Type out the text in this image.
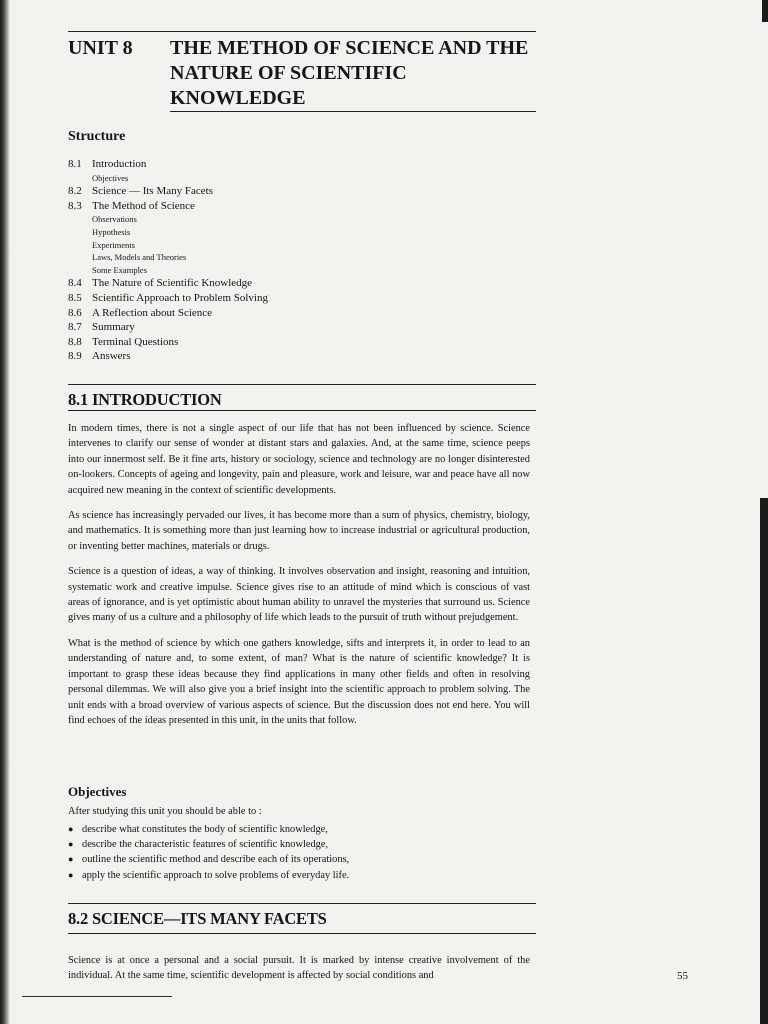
UNIT 8	THE METHOD OF SCIENCE AND THE NATURE OF SCIENTIFIC KNOWLEDGE
Structure
8.1 Introduction
Objectives
8.2 Science — Its Many Facets
8.3 The Method of Science
Observations
Hypothesis
Experiments
Laws, Models and Theories
Some Examples
8.4 The Nature of Scientific Knowledge
8.5 Scientific Approach to Problem Solving
8.6 A Reflection about Science
8.7 Summary
8.8 Terminal Questions
8.9 Answers
8.1 INTRODUCTION

In modern times, there is not a single aspect of our life that has not been influenced by science. Science intervenes to clarify our sense of wonder at distant stars and galaxies. And, at the same time, science peeps into our innermost self. Be it fine arts, history or sociology, science and technology are no longer disinterested on-lookers. Concepts of ageing and longevity, pain and pleasure, work and leisure, war and peace have all now acquired new meaning in the context of scientific developments.

As science has increasingly pervaded our lives, it has become more than a sum of physics, chemistry, biology, and mathematics. It is something more than just learning how to increase industrial or agricultural production, or inventing better machines, materials or drugs.

Science is a question of ideas, a way of thinking. It involves observation and insight, reasoning and intuition, systematic work and creative impulse. Science gives rise to an attitude of mind which is conscious of vast areas of ignorance, and is yet optimistic about human ability to unravel the mysteries that surround us. Science gives many of us a culture and a philosophy of life which leads to the pursuit of truth without prejudgement.

What is the method of science by which one gathers knowledge, sifts and interprets it, in order to lead to an understanding of nature and, to some extent, of man? What is the nature of scientific knowledge? It is important to grasp these ideas because they find applications in many other fields and often in resolving personal dilemmas. We will also give you a brief insight into the scientific approach to problem solving. The unit ends with a broad overview of various aspects of science. But the discussion does not end here. You will find echoes of the ideas presented in this unit, in the units that follow.

Objectives
After studying this unit you should be able to :
● describe what constitutes the body of scientific knowledge,
● describe the characteristic features of scientific knowledge,
● outline the scientific method and describe each of its operations,
● apply the scientific approach to solve problems of everyday life.
8.2 SCIENCE—ITS MANY FACETS

Science is at once a personal and a social pursuit. It is marked by intense creative involvement of the individual. At the same time, scientific development is affected by social conditions and	55
